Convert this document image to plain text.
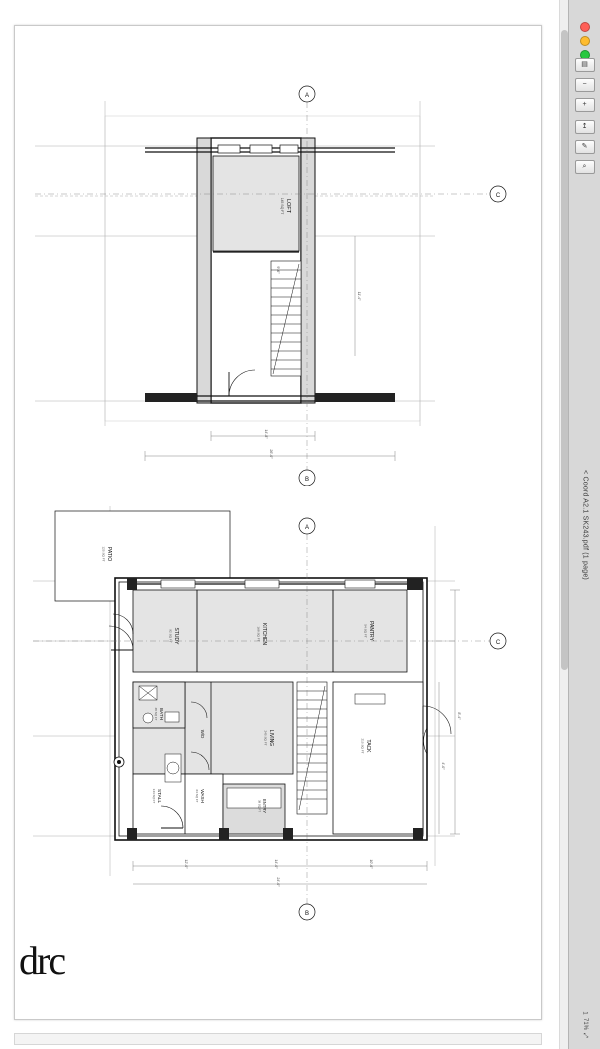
A
B
C
LOFT
145 SQ FT
14'-8"
26'-0"
11'-4"
9'-6"
A
B
C
PATIO
120 SQ FT
STUDY
92 SQ FT	KITCHEN
168 SQ FT	PANTRY
54 SQ FT
BATH
48 SQ FT
W/D	LIVING
240 SQ FT
TACK
210 SQ FT
STALL
144 SQ FT	WASH
64 SQ FT
ENTRY
38 SQ FT
12'-0"	14'-0"	10'-6"
24'-0"
8'-4"
4'-0"
drc
▤
−
+
↥
✎
⌕
< Coord A2.1 SK243.pdf (1 page)
1
71%
⤢
